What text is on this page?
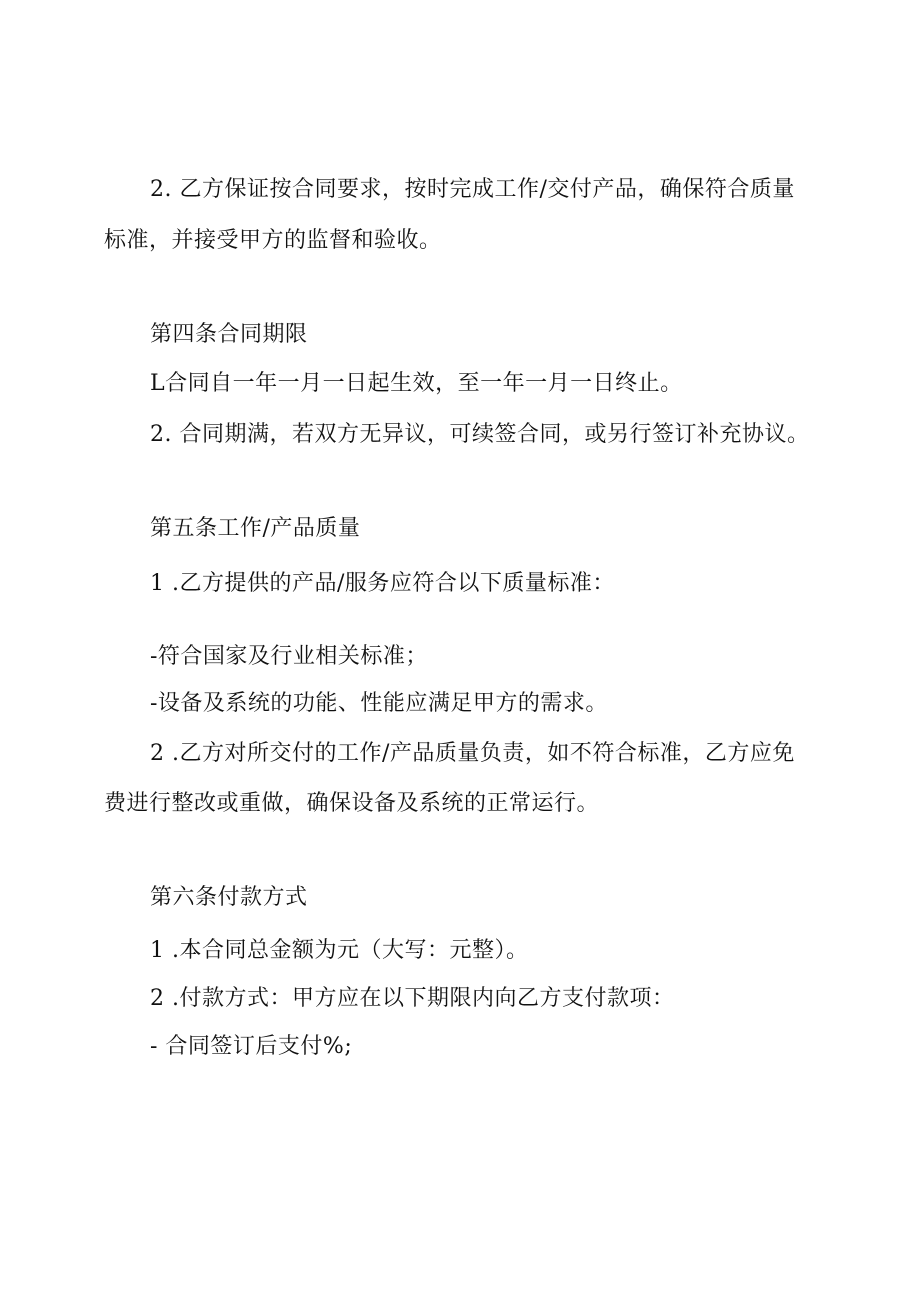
2. 乙方保证按合同要求，按时完成工作/交付产品，确保符合质量
标准，并接受甲方的监督和验收。
第四条合同期限
L合同自一年一月一日起生效，至一年一月一日终止。
2. 合同期满，若双方无异议，可续签合同，或另行签订补充协议。
第五条工作/产品质量
1 .乙方提供的产品/服务应符合以下质量标准：
-符合国家及行业相关标准；
-设备及系统的功能、性能应满足甲方的需求。
2 .乙方对所交付的工作/产品质量负责，如不符合标准，乙方应免
费进行整改或重做，确保设备及系统的正常运行。
第六条付款方式
1 .本合同总金额为元（大写：元整）。
2 .付款方式：甲方应在以下期限内向乙方支付款项：
- 合同签订后支付%;
